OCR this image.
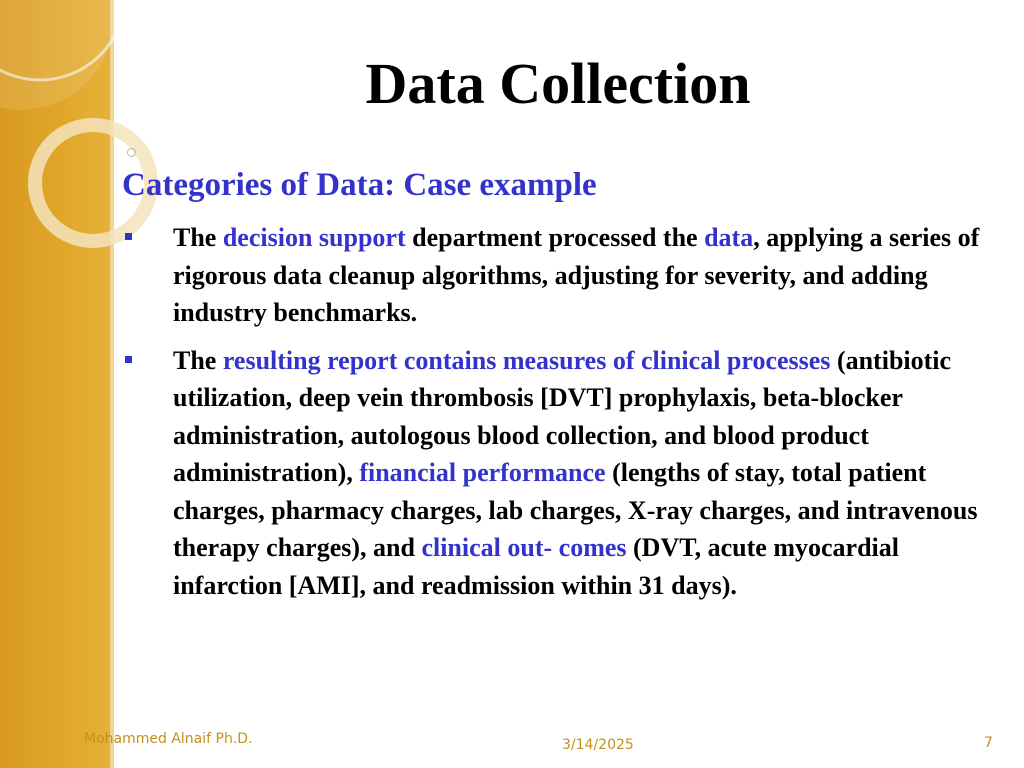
Data Collection
Categories of Data: Case example
The decision support department processed the data, applying a series of rigorous data cleanup algorithms, adjusting for severity, and adding industry benchmarks.
The resulting report contains measures of clinical processes (antibiotic utilization, deep vein thrombosis [DVT] prophylaxis, beta-blocker administration, autologous blood collection, and blood product administration), financial performance (lengths of stay, total patient charges, pharmacy charges, lab charges, X-ray charges, and intravenous therapy charges), and clinical out- comes (DVT, acute myocardial infarction [AMI], and readmission within 31 days).
Mohammed Alnaif Ph.D.	3/14/2025	7
